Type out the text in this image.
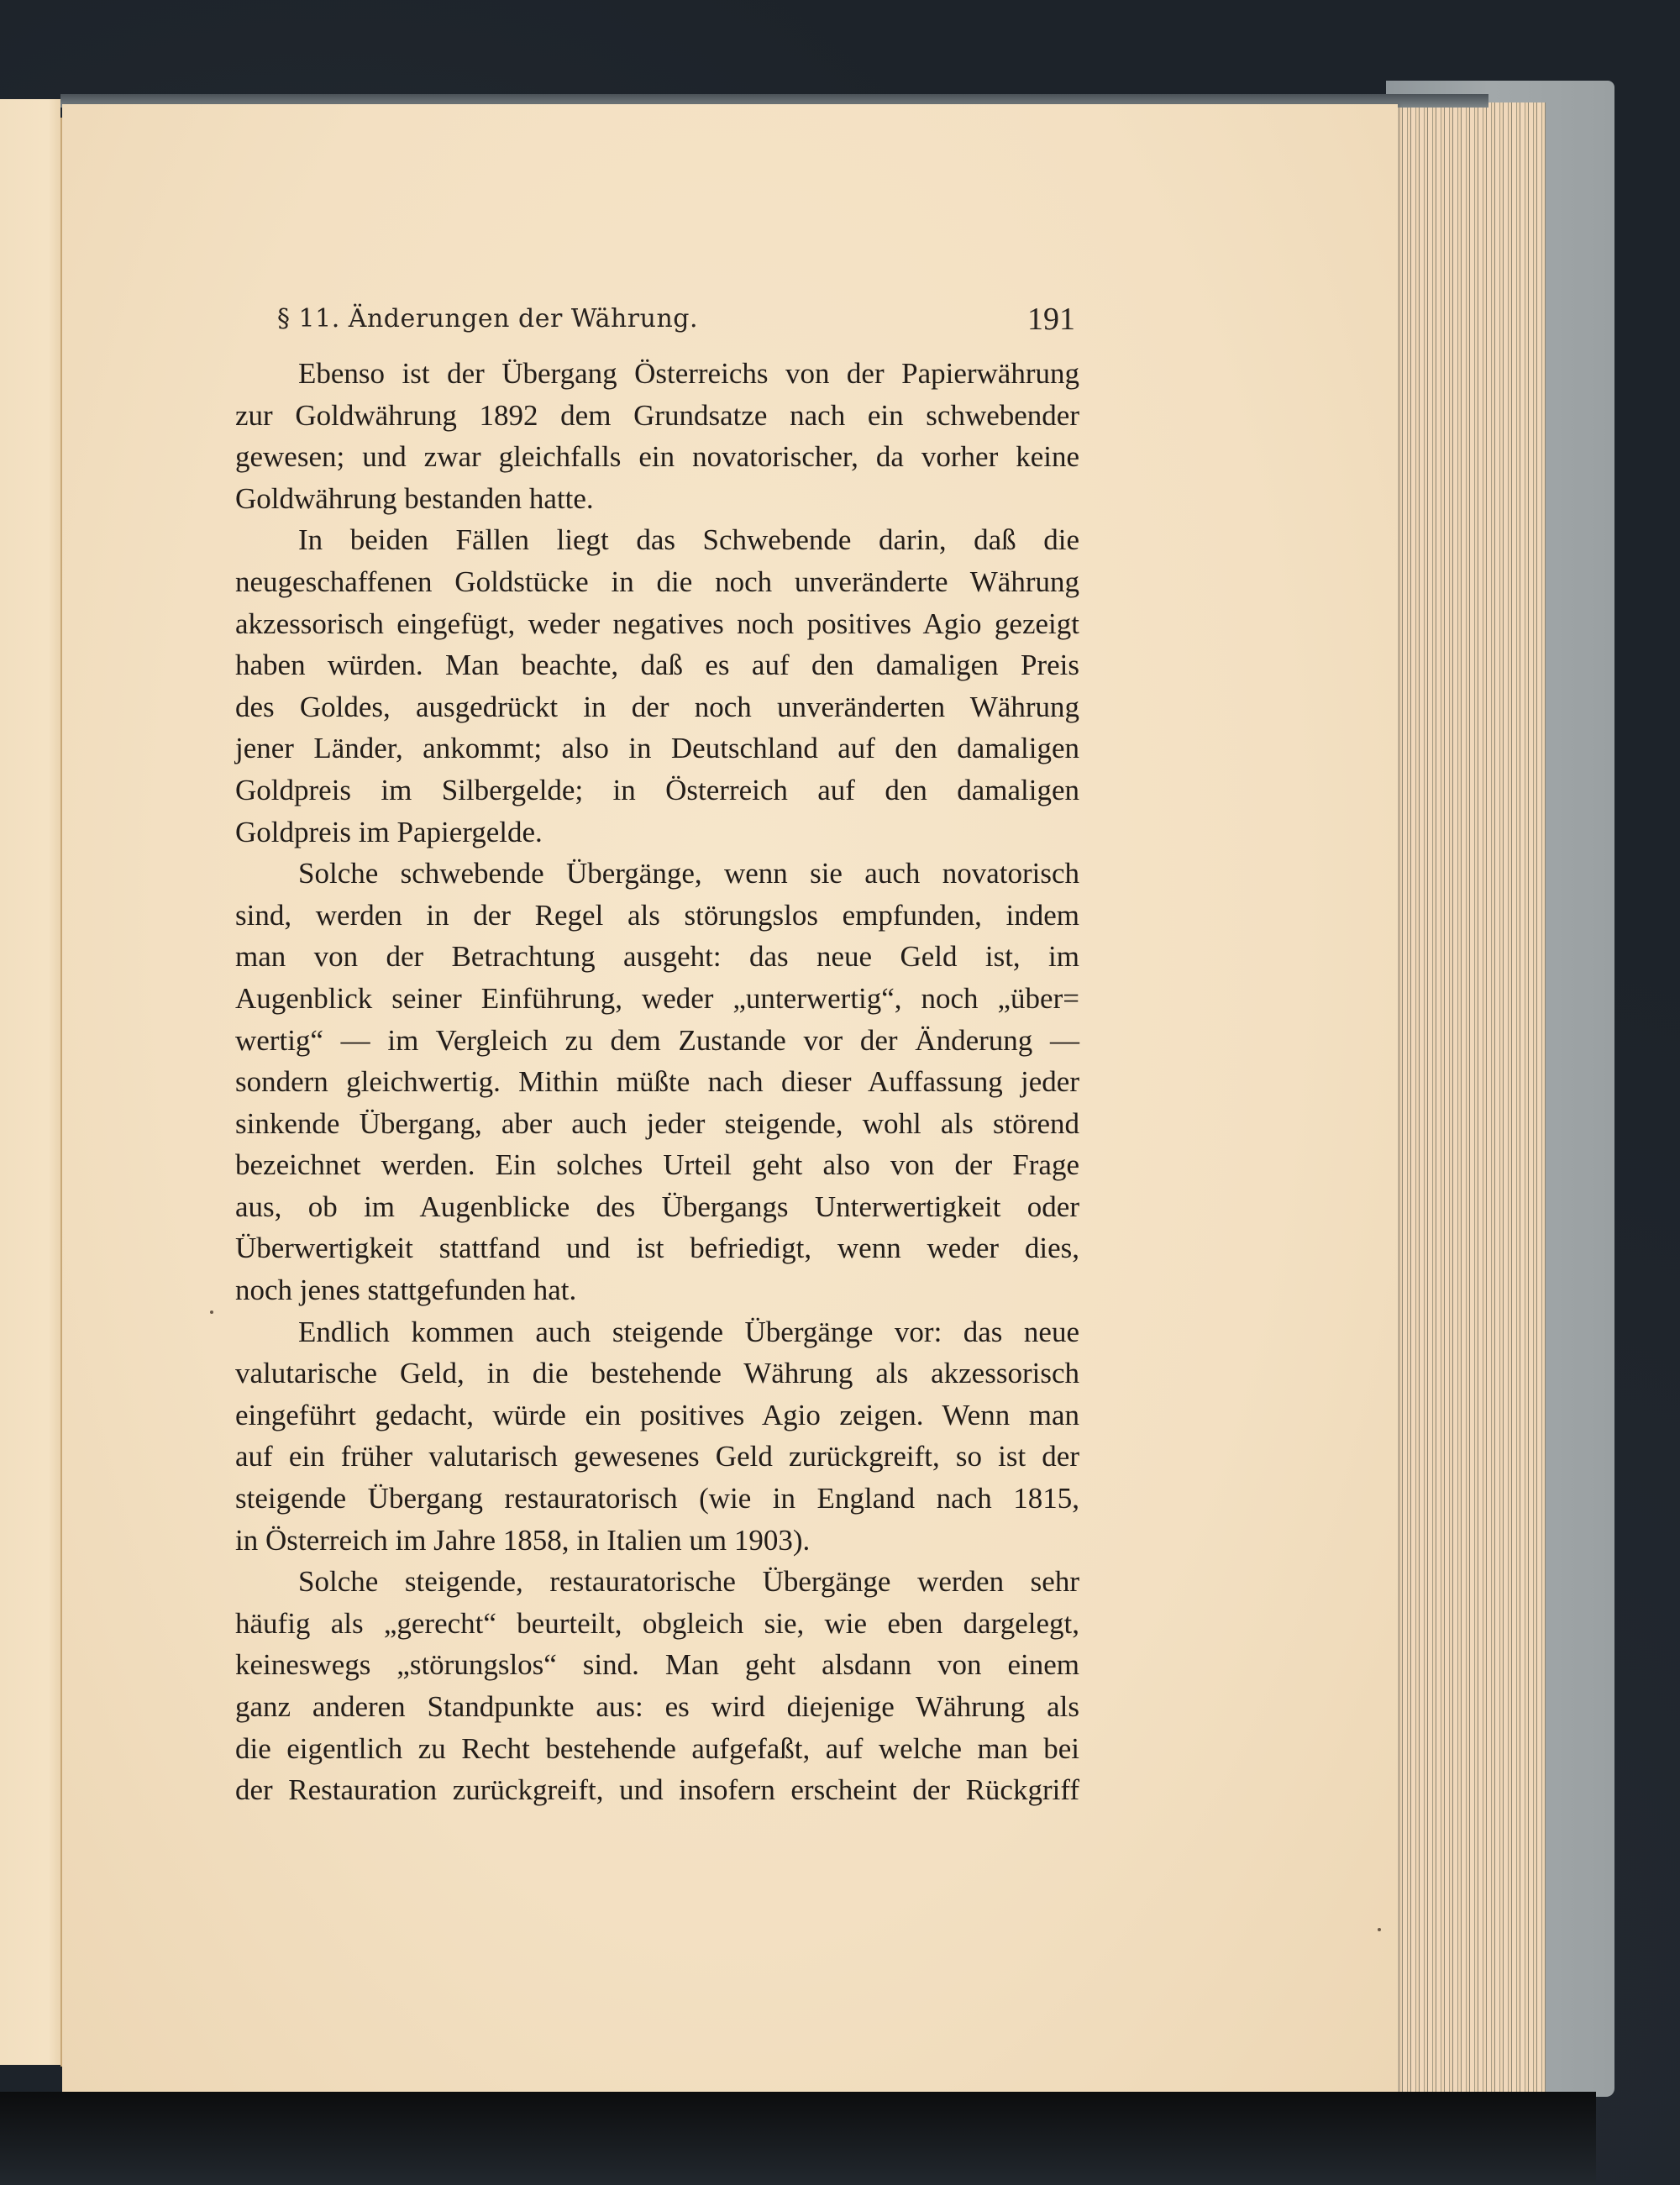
§ 11. Änderungen der Währung.	191

Ebenso ist der Übergang Österreichs von der Papierwährung
zur Goldwährung 1892 dem Grundsatze nach ein schwebender
gewesen; und zwar gleichfalls ein novatorischer, da vorher keine
Goldwährung bestanden hatte.

In beiden Fällen liegt das Schwebende darin, daß die
neugeschaffenen Goldstücke in die noch unveränderte Währung
akzessorisch eingefügt, weder negatives noch positives Agio gezeigt
haben würden. Man beachte, daß es auf den damaligen Preis
des Goldes, ausgedrückt in der noch unveränderten Währung
jener Länder, ankommt; also in Deutschland auf den damaligen
Goldpreis im Silbergelde; in Österreich auf den damaligen
Goldpreis im Papiergelde.

Solche schwebende Übergänge, wenn sie auch novatorisch
sind, werden in der Regel als störungslos empfunden, indem
man von der Betrachtung ausgeht: das neue Geld ist, im
Augenblick seiner Einführung, weder „unterwertig“, noch „über=
wertig“ — im Vergleich zu dem Zustande vor der Änderung —
sondern gleichwertig. Mithin müßte nach dieser Auffassung jeder
sinkende Übergang, aber auch jeder steigende, wohl als störend
bezeichnet werden. Ein solches Urteil geht also von der Frage
aus, ob im Augenblicke des Übergangs Unterwertigkeit oder
Überwertigkeit stattfand und ist befriedigt, wenn weder dies,
noch jenes stattgefunden hat.

Endlich kommen auch steigende Übergänge vor: das neue
valutarische Geld, in die bestehende Währung als akzessorisch
eingeführt gedacht, würde ein positives Agio zeigen. Wenn man
auf ein früher valutarisch gewesenes Geld zurückgreift, so ist der
steigende Übergang restauratorisch (wie in England nach 1815,
in Österreich im Jahre 1858, in Italien um 1903).

Solche steigende, restauratorische Übergänge werden sehr
häufig als „gerecht“ beurteilt, obgleich sie, wie eben dargelegt,
keineswegs „störungslos“ sind. Man geht alsdann von einem
ganz anderen Standpunkte aus: es wird diejenige Währung als
die eigentlich zu Recht bestehende aufgefaßt, auf welche man bei
der Restauration zurückgreift, und insofern erscheint der Rückgriff
